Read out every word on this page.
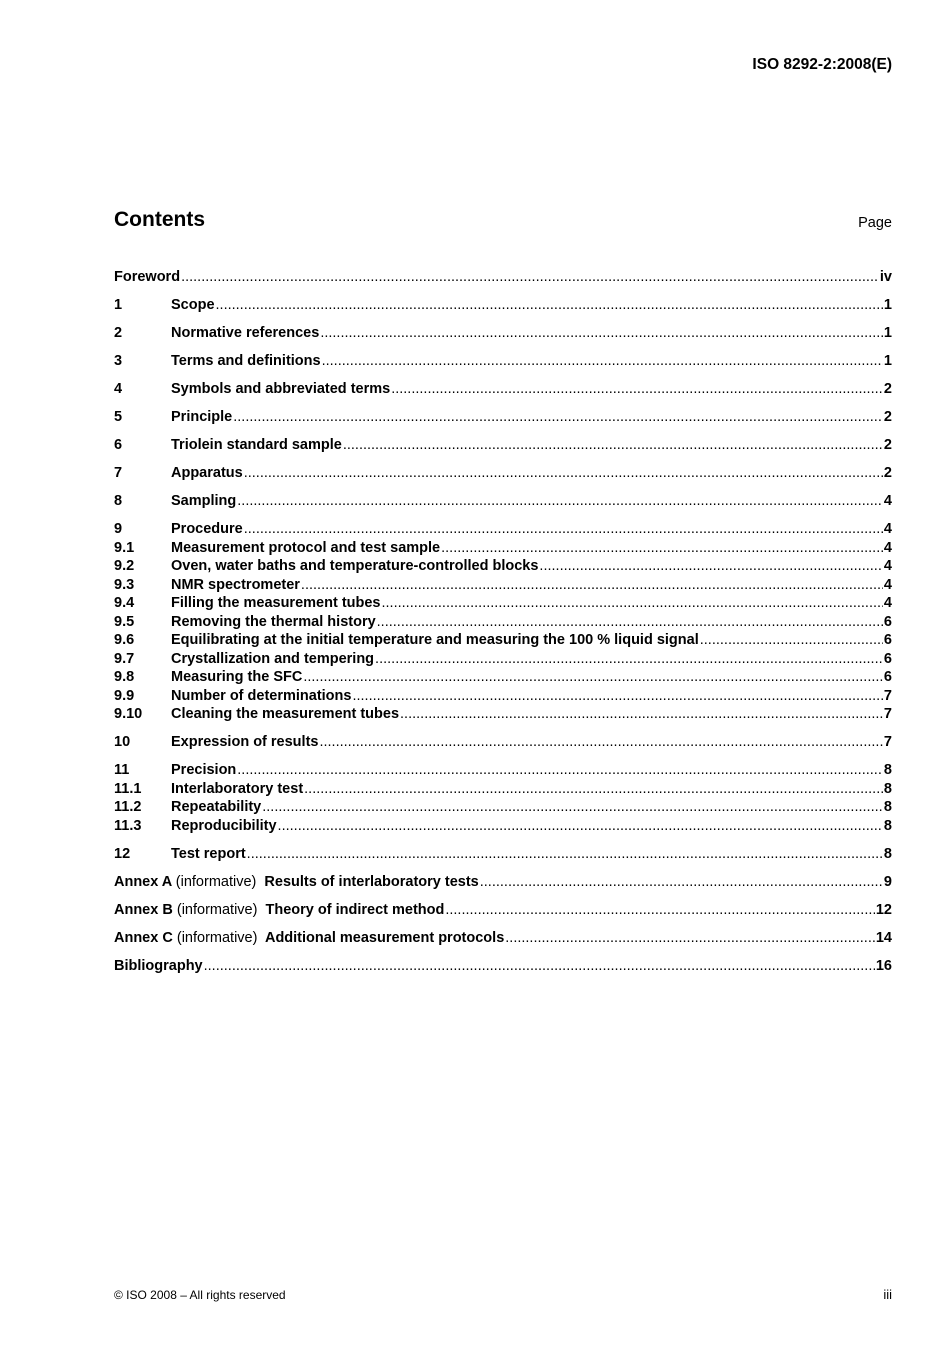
ISO 8292-2:2008(E)
Contents	Page
Foreword .....	iv
1	Scope .....	1
2	Normative references .....	1
3	Terms and definitions .....	1
4	Symbols and abbreviated terms .....	2
5	Principle .....	2
6	Triolein standard sample .....	2
7	Apparatus .....	2
8	Sampling .....	4
9	Procedure .....	4
9.1	Measurement protocol and test sample .....	4
9.2	Oven, water baths and temperature-controlled blocks .....	4
9.3	NMR spectrometer .....	4
9.4	Filling the measurement tubes .....	4
9.5	Removing the thermal history .....	6
9.6	Equilibrating at the initial temperature and measuring the 100 % liquid signal .....	6
9.7	Crystallization and tempering .....	6
9.8	Measuring the SFC .....	6
9.9	Number of determinations .....	7
9.10	Cleaning the measurement tubes .....	7
10	Expression of results .....	7
11	Precision .....	8
11.1	Interlaboratory test .....	8
11.2	Repeatability .....	8
11.3	Reproducibility .....	8
12	Test report .....	8
Annex A (informative) Results of interlaboratory tests .....	9
Annex B (informative) Theory of indirect method .....	12
Annex C (informative) Additional measurement protocols .....	14
Bibliography .....	16
© ISO 2008 – All rights reserved	iii
